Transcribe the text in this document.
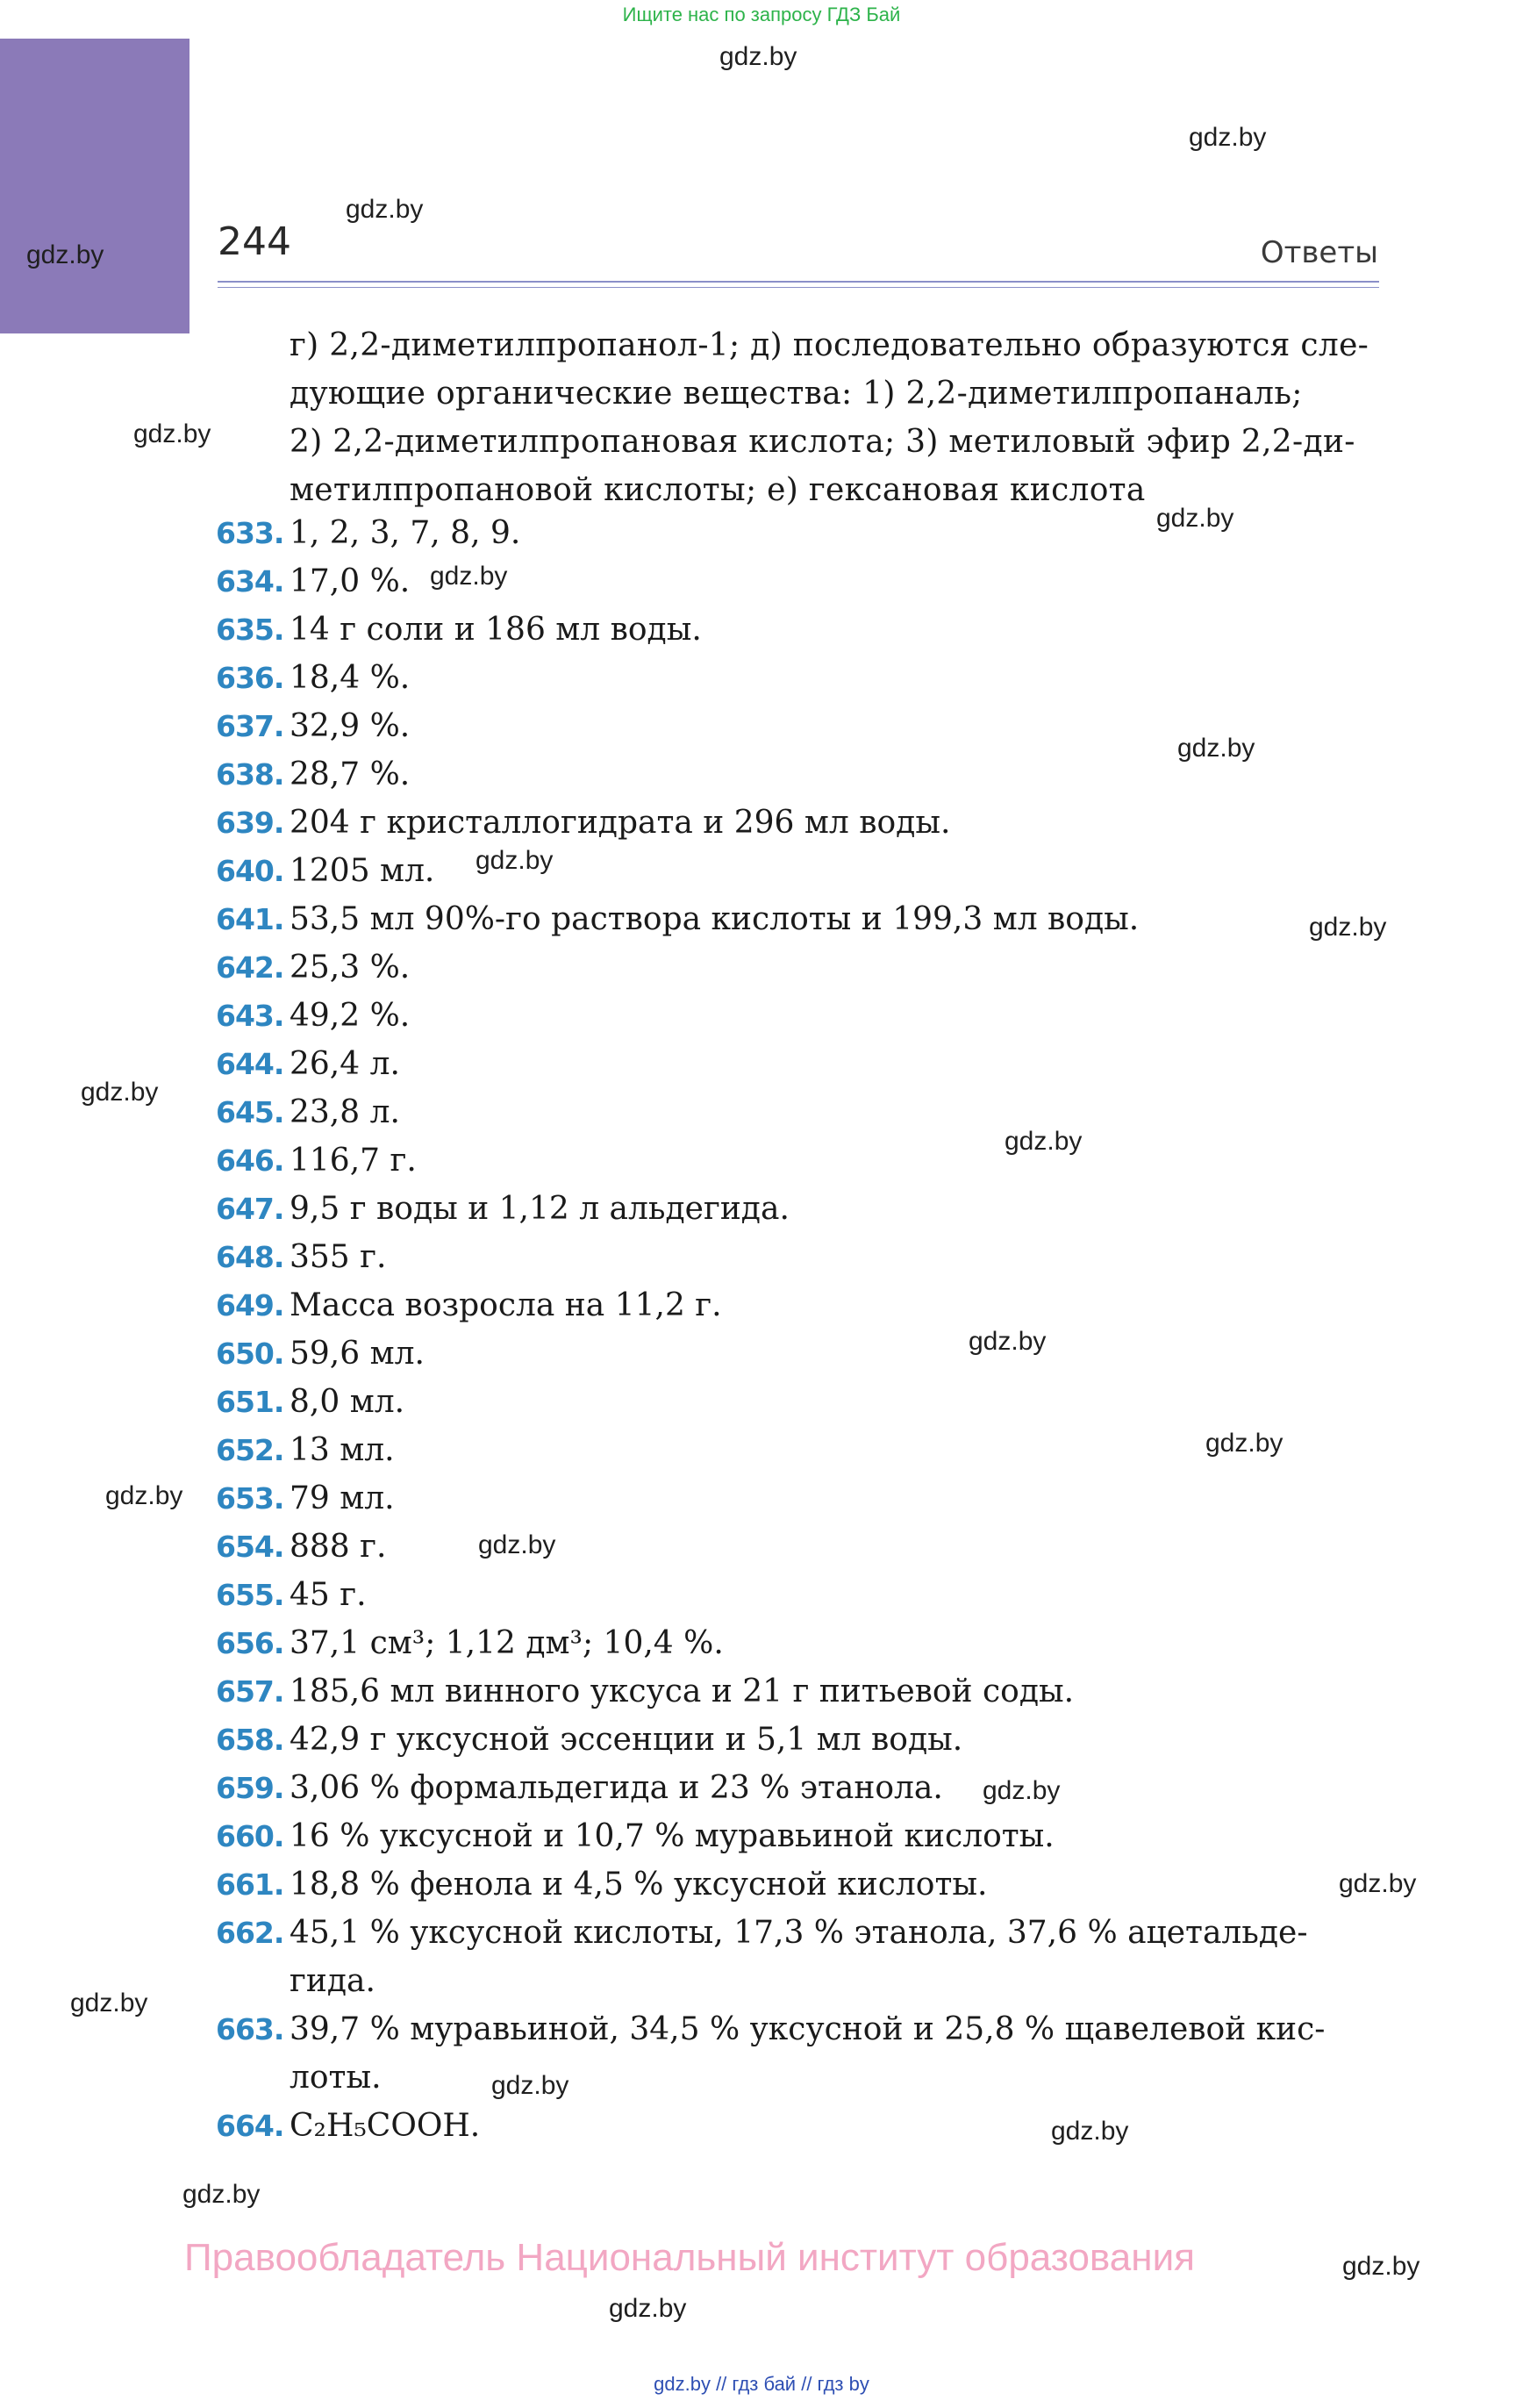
Ищите нас по запросу ГДЗ Бай
244	Ответы
г) 2,2-диметилпропанол-1; д) последовательно образуются сле-
дующие органические вещества: 1) 2,2-диметилпропаналь;
2) 2,2-диметилпропановая кислота; 3) метиловый эфир 2,2-ди-
метилпропановой кислоты; е) гексановая кислота
633. 1, 2, 3, 7, 8, 9.
634. 17,0 %.
635. 14 г соли и 186 мл воды.
636. 18,4 %.
637. 32,9 %.
638. 28,7 %.
639. 204 г кристаллогидрата и 296 мл воды.
640. 1205 мл.
641. 53,5 мл 90%-го раствора кислоты и 199,3 мл воды.
642. 25,3 %.
643. 49,2 %.
644. 26,4 л.
645. 23,8 л.
646. 116,7 г.
647. 9,5 г воды и 1,12 л альдегида.
648. 355 г.
649. Масса возросла на 11,2 г.
650. 59,6 мл.
651. 8,0 мл.
652. 13 мл.
653. 79 мл.
654. 888 г.
655. 45 г.
656. 37,1 см³; 1,12 дм³; 10,4 %.
657. 185,6 мл винного уксуса и 21 г питьевой соды.
658. 42,9 г уксусной эссенции и 5,1 мл воды.
659. 3,06 % формальдегида и 23 % этанола.
660. 16 % уксусной и 10,7 % муравьиной кислоты.
661. 18,8 % фенола и 4,5 % уксусной кислоты.
662. 45,1 % уксусной кислоты, 17,3 % этанола, 37,6 % ацетальде-
гида.
663. 39,7 % муравьиной, 34,5 % уксусной и 25,8 % щавелевой кис-
лоты.
664. C₂H₅COOH.
gdz.by
gdz.by
gdz.by
gdz.by
gdz.by
gdz.by
gdz.by
gdz.by
gdz.by
gdz.by
gdz.by
gdz.by
gdz.by
gdz.by
gdz.by
gdz.by
gdz.by
gdz.by
gdz.by
gdz.by
gdz.by
gdz.by
gdz.by
gdz.by
Правообладатель Национальный институт образования
gdz.by // гдз бай // гдз by
